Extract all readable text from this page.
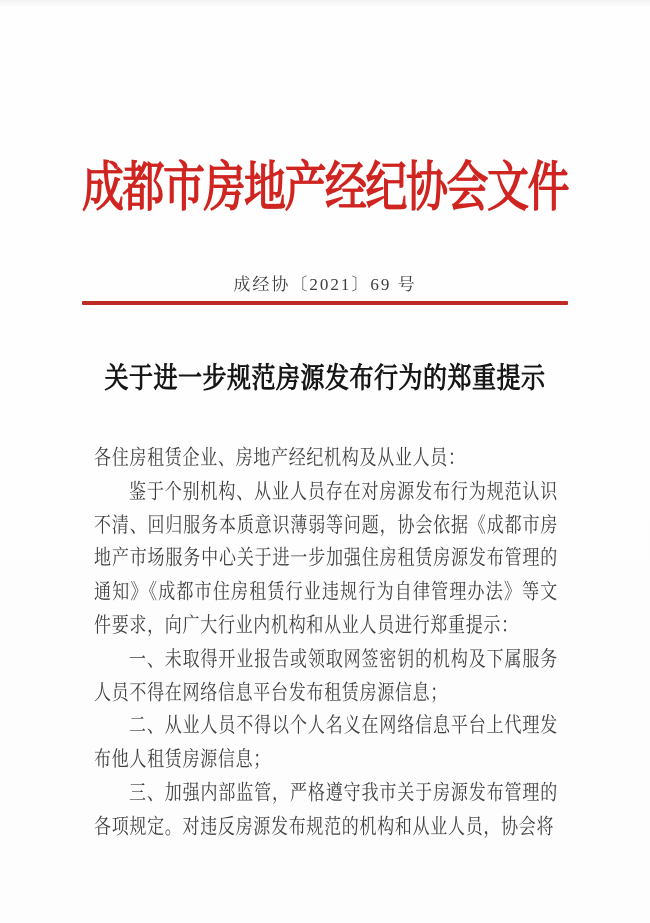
成都市房地产经纪协会文件
成经协〔2021〕69 号
关于进一步规范房源发布行为的郑重提示

各住房租赁企业、房地产经纪机构及从业人员：

鉴于个别机构、从业人员存在对房源发布行为规范认识不清、回归服务本质意识薄弱等问题，协会依据《成都市房地产市场服务中心关于进一步加强住房租赁房源发布管理的通知》《成都市住房租赁行业违规行为自律管理办法》等文件要求，向广大行业内机构和从业人员进行郑重提示：

一、未取得开业报告或领取网签密钥的机构及下属服务人员不得在网络信息平台发布租赁房源信息；

二、从业人员不得以个人名义在网络信息平台上代理发布他人租赁房源信息；

三、加强内部监管，严格遵守我市关于房源发布管理的各项规定。对违反房源发布规范的机构和从业人员，协会将
